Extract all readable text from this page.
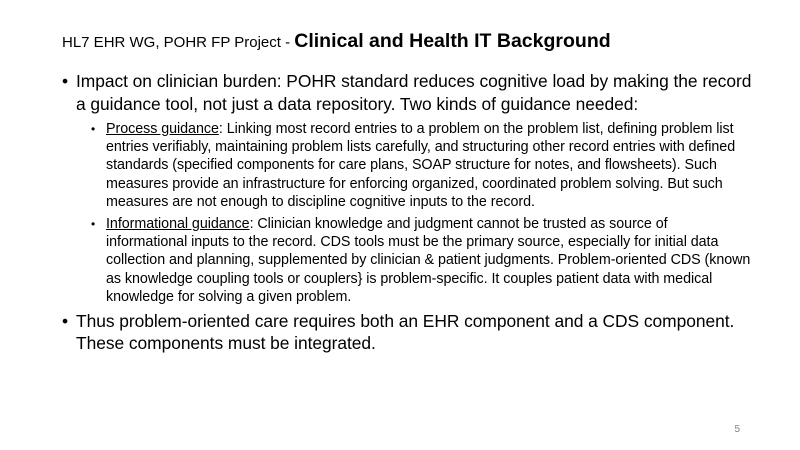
HL7 EHR WG, POHR FP Project - Clinical and Health IT Background
• Impact on clinician burden: POHR standard reduces cognitive load by making the record a guidance tool, not just a data repository. Two kinds of guidance needed:
• Process guidance: Linking most record entries to a problem on the problem list, defining problem list entries verifiably, maintaining problem lists carefully, and structuring other record entries with defined standards (specified components for care plans, SOAP structure for notes, and flowsheets). Such measures provide an infrastructure for enforcing organized, coordinated problem solving. But such measures are not enough to discipline cognitive inputs to the record.
• Informational guidance: Clinician knowledge and judgment cannot be trusted as source of informational inputs to the record. CDS tools must be the primary source, especially for initial data collection and planning, supplemented by clinician & patient judgments. Problem-oriented CDS (known as knowledge coupling tools or couplers} is problem-specific. It couples patient data with medical knowledge for solving a given problem.
• Thus problem-oriented care requires both an EHR component and a CDS component. These components must be integrated.
5
